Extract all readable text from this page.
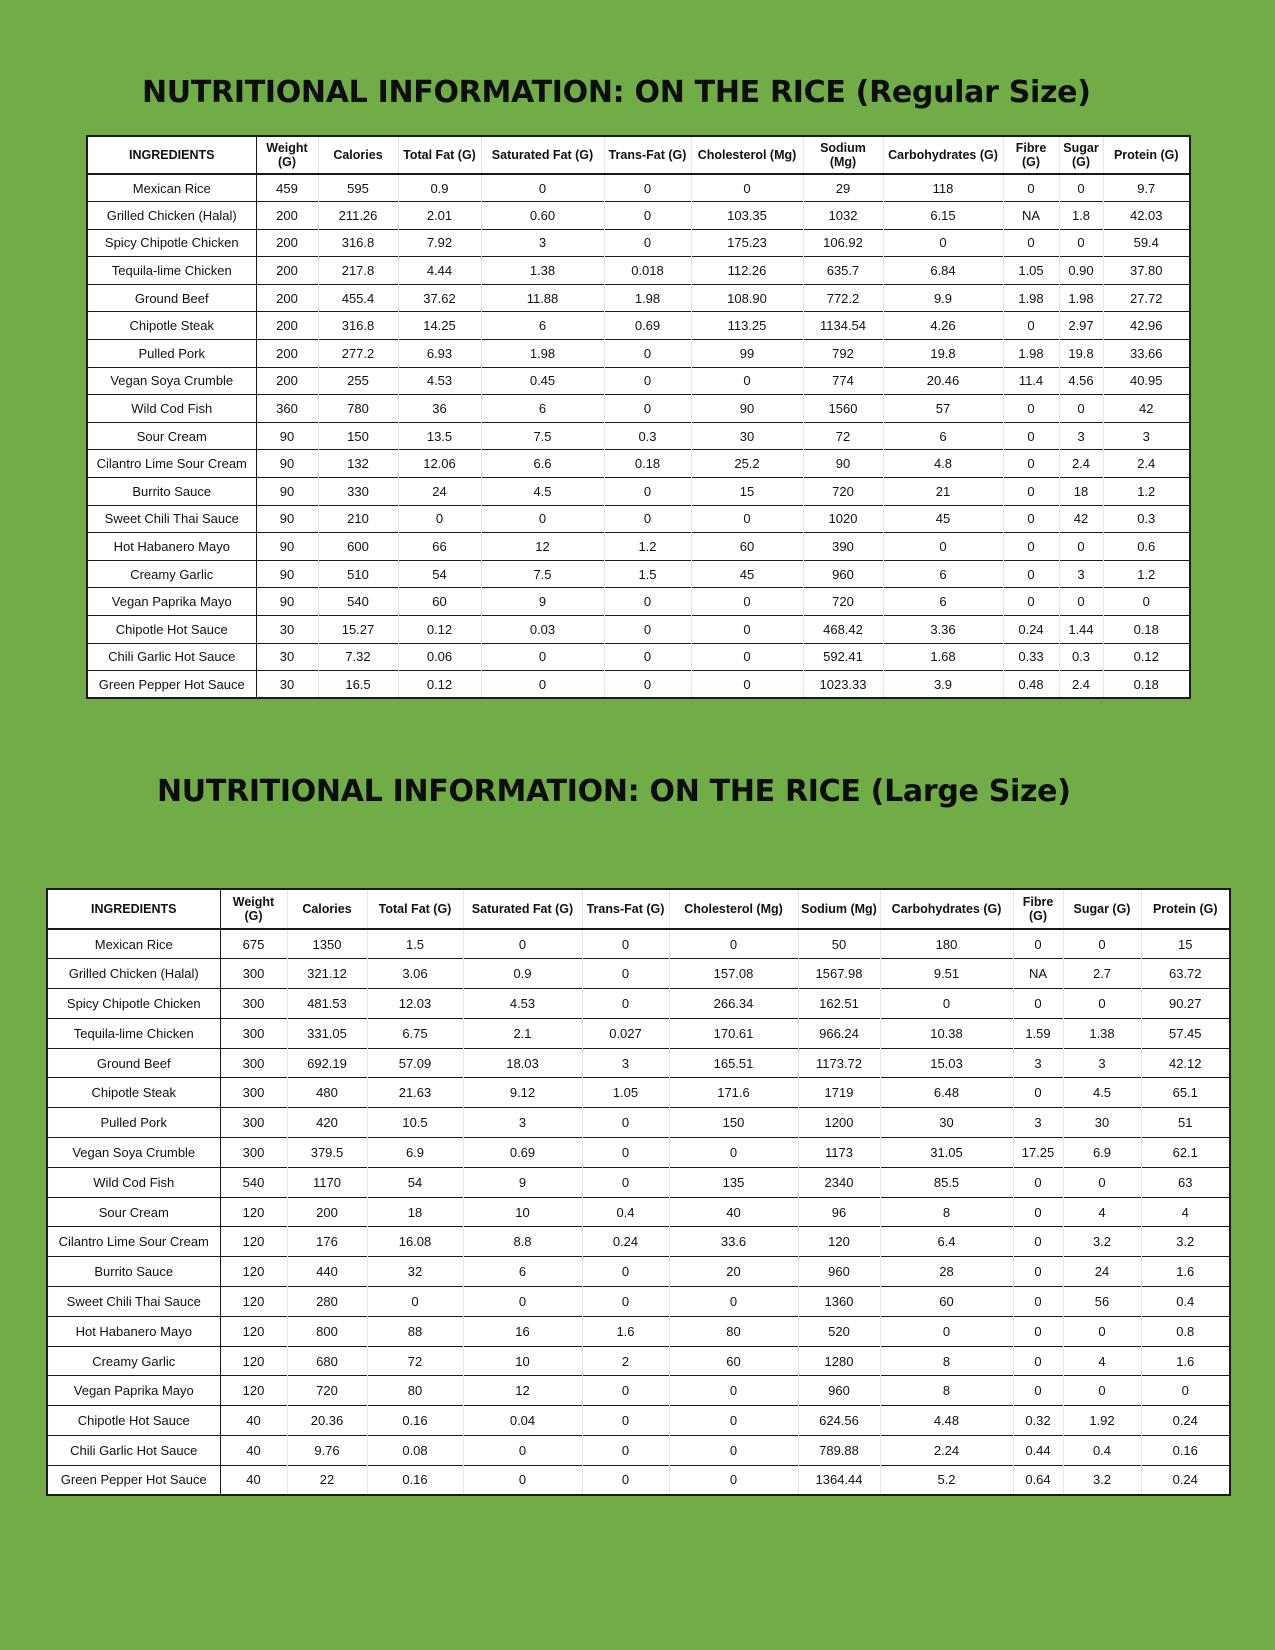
NUTRITIONAL INFORMATION: ON THE RICE (Regular Size)
INGREDIENTS	Weight (G)	Calories	Total Fat (G)	Saturated Fat (G)	Trans-Fat (G)	Cholesterol (Mg)	Sodium (Mg)	Carbohydrates (G)	Fibre (G)	Sugar (G)	Protein (G)
Mexican Rice	459	595	0.9	0	0	0	29	118	0	0	9.7
Grilled Chicken (Halal)	200	211.26	2.01	0.60	0	103.35	1032	6.15	NA	1.8	42.03
Spicy Chipotle Chicken	200	316.8	7.92	3	0	175.23	106.92	0	0	0	59.4
Tequila-lime Chicken	200	217.8	4.44	1.38	0.018	112.26	635.7	6.84	1.05	0.90	37.80
Ground Beef	200	455.4	37.62	11.88	1.98	108.90	772.2	9.9	1.98	1.98	27.72
Chipotle Steak	200	316.8	14.25	6	0.69	113.25	1134.54	4.26	0	2.97	42.96
Pulled Pork	200	277.2	6.93	1.98	0	99	792	19.8	1.98	19.8	33.66
Vegan Soya Crumble	200	255	4.53	0.45	0	0	774	20.46	11.4	4.56	40.95
Wild Cod Fish	360	780	36	6	0	90	1560	57	0	0	42
Sour Cream	90	150	13.5	7.5	0.3	30	72	6	0	3	3
Cilantro Lime Sour Cream	90	132	12.06	6.6	0.18	25.2	90	4.8	0	2.4	2.4
Burrito Sauce	90	330	24	4.5	0	15	720	21	0	18	1.2
Sweet Chili Thai Sauce	90	210	0	0	0	0	1020	45	0	42	0.3
Hot Habanero Mayo	90	600	66	12	1.2	60	390	0	0	0	0.6
Creamy Garlic	90	510	54	7.5	1.5	45	960	6	0	3	1.2
Vegan Paprika Mayo	90	540	60	9	0	0	720	6	0	0	0
Chipotle Hot Sauce	30	15.27	0.12	0.03	0	0	468.42	3.36	0.24	1.44	0.18
Chili Garlic Hot Sauce	30	7.32	0.06	0	0	0	592.41	1.68	0.33	0.3	0.12
Green Pepper Hot Sauce	30	16.5	0.12	0	0	0	1023.33	3.9	0.48	2.4	0.18
NUTRITIONAL INFORMATION: ON THE RICE (Large Size)
INGREDIENTS	Weight (G)	Calories	Total Fat (G)	Saturated Fat (G)	Trans-Fat (G)	Cholesterol (Mg)	Sodium (Mg)	Carbohydrates (G)	Fibre (G)	Sugar (G)	Protein (G)
Mexican Rice	675	1350	1.5	0	0	0	50	180	0	0	15
Grilled Chicken (Halal)	300	321.12	3.06	0.9	0	157.08	1567.98	9.51	NA	2.7	63.72
Spicy Chipotle Chicken	300	481.53	12.03	4.53	0	266.34	162.51	0	0	0	90.27
Tequila-lime Chicken	300	331.05	6.75	2.1	0.027	170.61	966.24	10.38	1.59	1.38	57.45
Ground Beef	300	692.19	57.09	18.03	3	165.51	1173.72	15.03	3	3	42.12
Chipotle Steak	300	480	21.63	9.12	1.05	171.6	1719	6.48	0	4.5	65.1
Pulled Pork	300	420	10.5	3	0	150	1200	30	3	30	51
Vegan Soya Crumble	300	379.5	6.9	0.69	0	0	1173	31.05	17.25	6.9	62.1
Wild Cod Fish	540	1170	54	9	0	135	2340	85.5	0	0	63
Sour Cream	120	200	18	10	0.4	40	96	8	0	4	4
Cilantro Lime Sour Cream	120	176	16.08	8.8	0.24	33.6	120	6.4	0	3.2	3.2
Burrito Sauce	120	440	32	6	0	20	960	28	0	24	1.6
Sweet Chili Thai Sauce	120	280	0	0	0	0	1360	60	0	56	0.4
Hot Habanero Mayo	120	800	88	16	1.6	80	520	0	0	0	0.8
Creamy Garlic	120	680	72	10	2	60	1280	8	0	4	1.6
Vegan Paprika Mayo	120	720	80	12	0	0	960	8	0	0	0
Chipotle Hot Sauce	40	20.36	0.16	0.04	0	0	624.56	4.48	0.32	1.92	0.24
Chili Garlic Hot Sauce	40	9.76	0.08	0	0	0	789.88	2.24	0.44	0.4	0.16
Green Pepper Hot Sauce	40	22	0.16	0	0	0	1364.44	5.2	0.64	3.2	0.24
